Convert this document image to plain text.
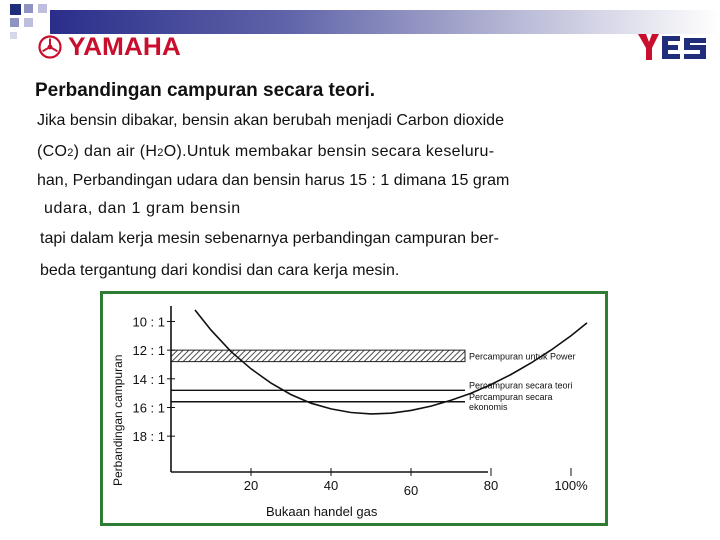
YAMAHA
Perbandingan campuran secara teori.
Jika bensin dibakar, bensin akan berubah menjadi Carbon dioxide
(CO2) dan air (H2O).Untuk membakar bensin secara keseluru-
han, Perbandingan udara dan bensin harus 15 : 1 dimana 15 gram
udara, dan 1 gram bensin
tapi dalam kerja mesin sebenarnya perbandingan campuran ber-
beda tergantung dari kondisi dan cara kerja mesin.
Perbandingan campuran
Bukaan handel gas
10 : 1
12 : 1
14 : 1
16 : 1
18 : 1
20	40	60	80	100%
Percampuran untuk Power
Percampuran secara teori
Percampuran secara
ekonomis
